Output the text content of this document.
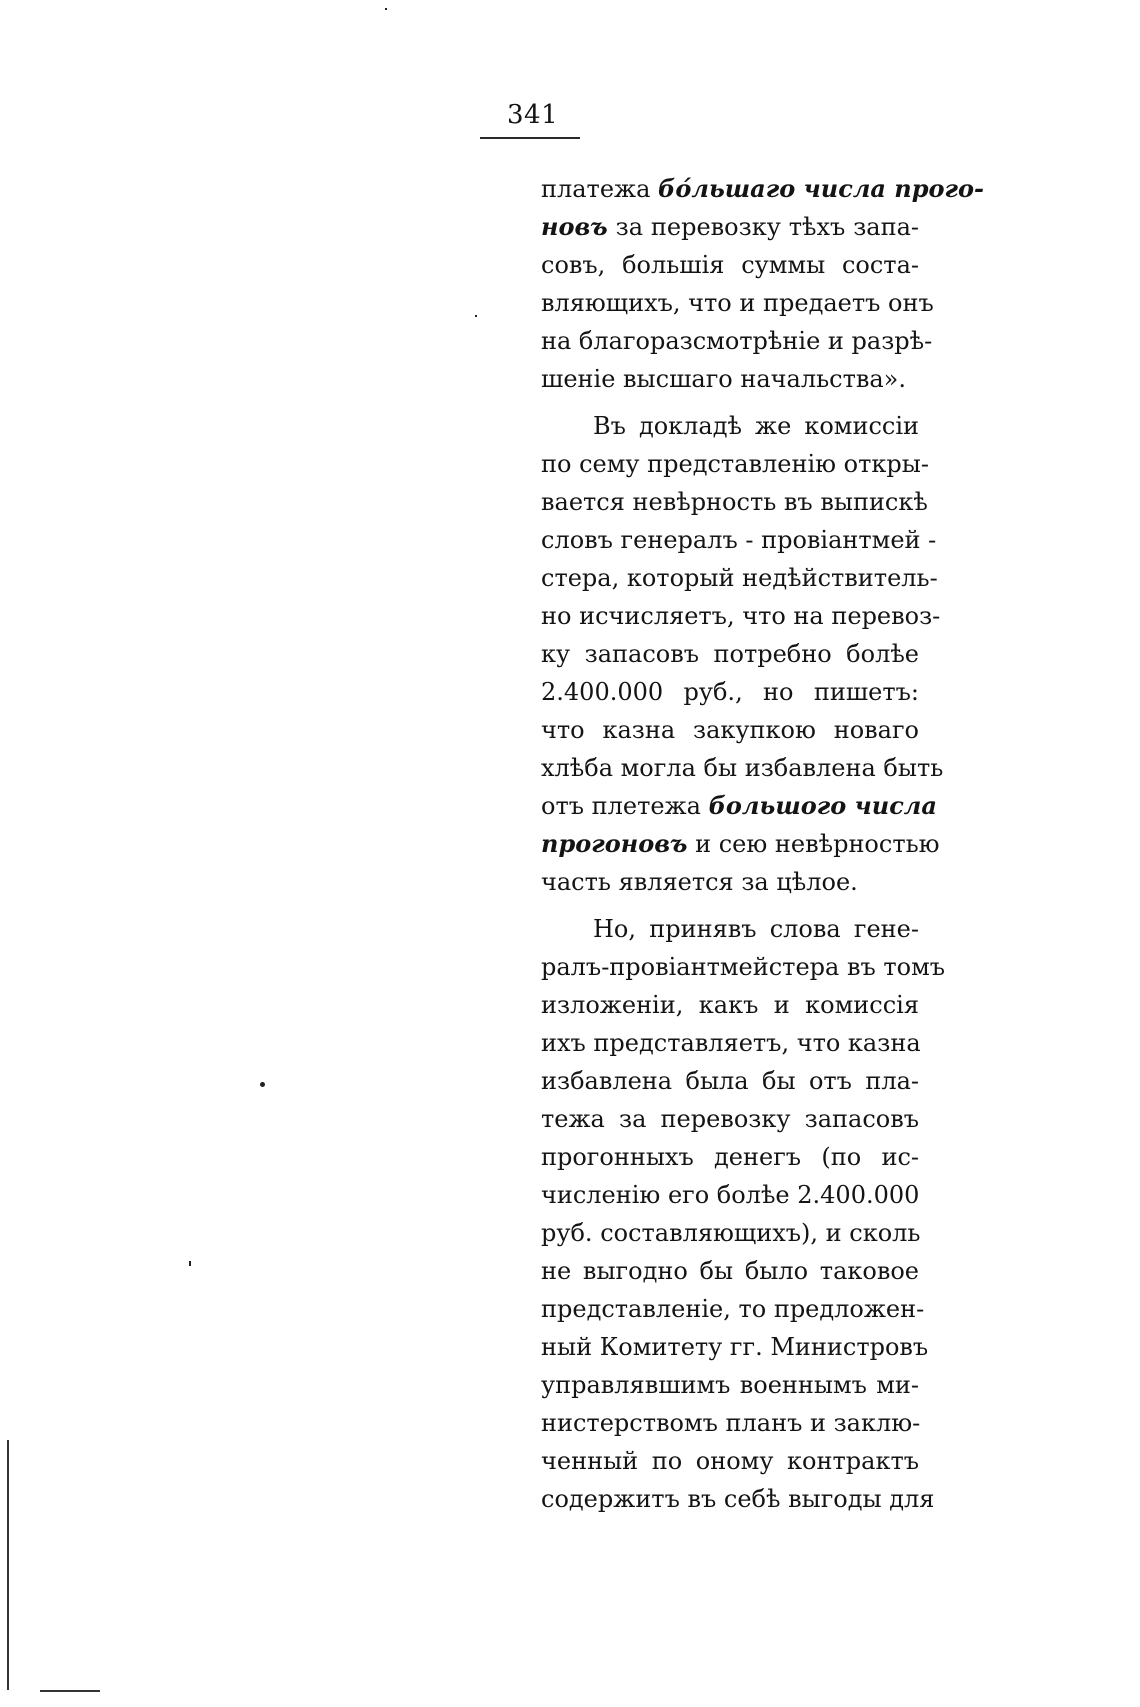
341
платежа бо́льшаго числа прого-
новъ за перевозку тѣхъ запа-
совъ, большія суммы соста-
вляющихъ, что и предаетъ онъ
на благоразсмотрѣніе и разрѣ-
шеніе высшаго начальства».
Въ докладѣ же комиссіи
по сему представленію откры-
вается невѣрность въ выпискѣ
словъ генералъ - провіантмей -
стера, который недѣйствитель-
но исчисляетъ, что на перевоз-
ку запасовъ потребно болѣе
2.400.000 руб., но пишетъ:
что казна закупкою новаго
хлѣба могла бы избавлена быть
отъ плетежа большого числа
прогоновъ и сею невѣрностью
часть является за цѣлое.
Но, принявъ слова гене-
ралъ-провіантмейстера въ томъ
изложеніи, какъ и комиссія
ихъ представляетъ, что казна
избавлена была бы отъ пла-
тежа за перевозку запасовъ
прогонныхъ денегъ (по ис-
численію его болѣе 2.400.000
руб. составляющихъ), и сколь
не выгодно бы было таковое
представленіе, то предложен-
ный Комитету гг. Министровъ
управлявшимъ военнымъ ми-
нистерствомъ планъ и заклю-
ченный по оному контрактъ
содержитъ въ себѣ выгоды для
